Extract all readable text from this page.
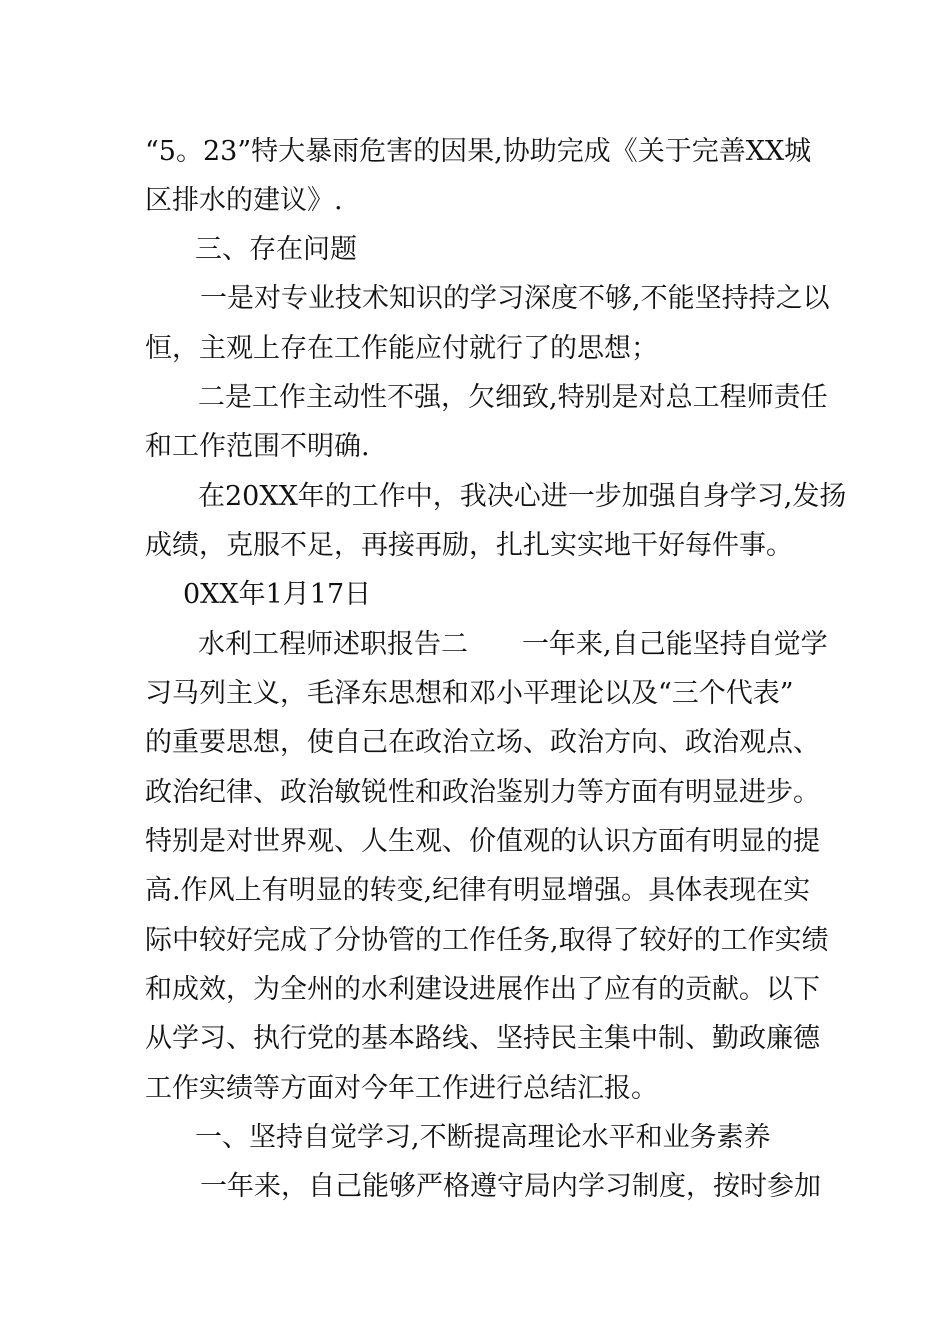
“5。23”特大暴雨危害的因果,协助完成《关于完善XX城
区排水的建议》.
三、存在问题
一是对专业技术知识的学习深度不够,不能坚持持之以
恒，主观上存在工作能应付就行了的思想；
二是工作主动性不强，欠细致,特别是对总工程师责任
和工作范围不明确.
在20XX年的工作中，我决心进一步加强自身学习,发扬
成绩，克服不足，再接再励，扎扎实实地干好每件事。
0XX年1月17日
水利工程师述职报告二　　一年来,自己能坚持自觉学
习马列主义，毛泽东思想和邓小平理论以及“三个代表”
的重要思想，使自己在政治立场、政治方向、政治观点、
政治纪律、政治敏锐性和政治鉴别力等方面有明显进步。
特别是对世界观、人生观、价值观的认识方面有明显的提
高.作风上有明显的转变,纪律有明显增强。具体表现在实
际中较好完成了分协管的工作任务,取得了较好的工作实绩
和成效，为全州的水利建设进展作出了应有的贡献。以下
从学习、执行党的基本路线、坚持民主集中制、勤政廉德
工作实绩等方面对今年工作进行总结汇报。
一、坚持自觉学习,不断提高理论水平和业务素养
一年来，自己能够严格遵守局内学习制度，按时参加
